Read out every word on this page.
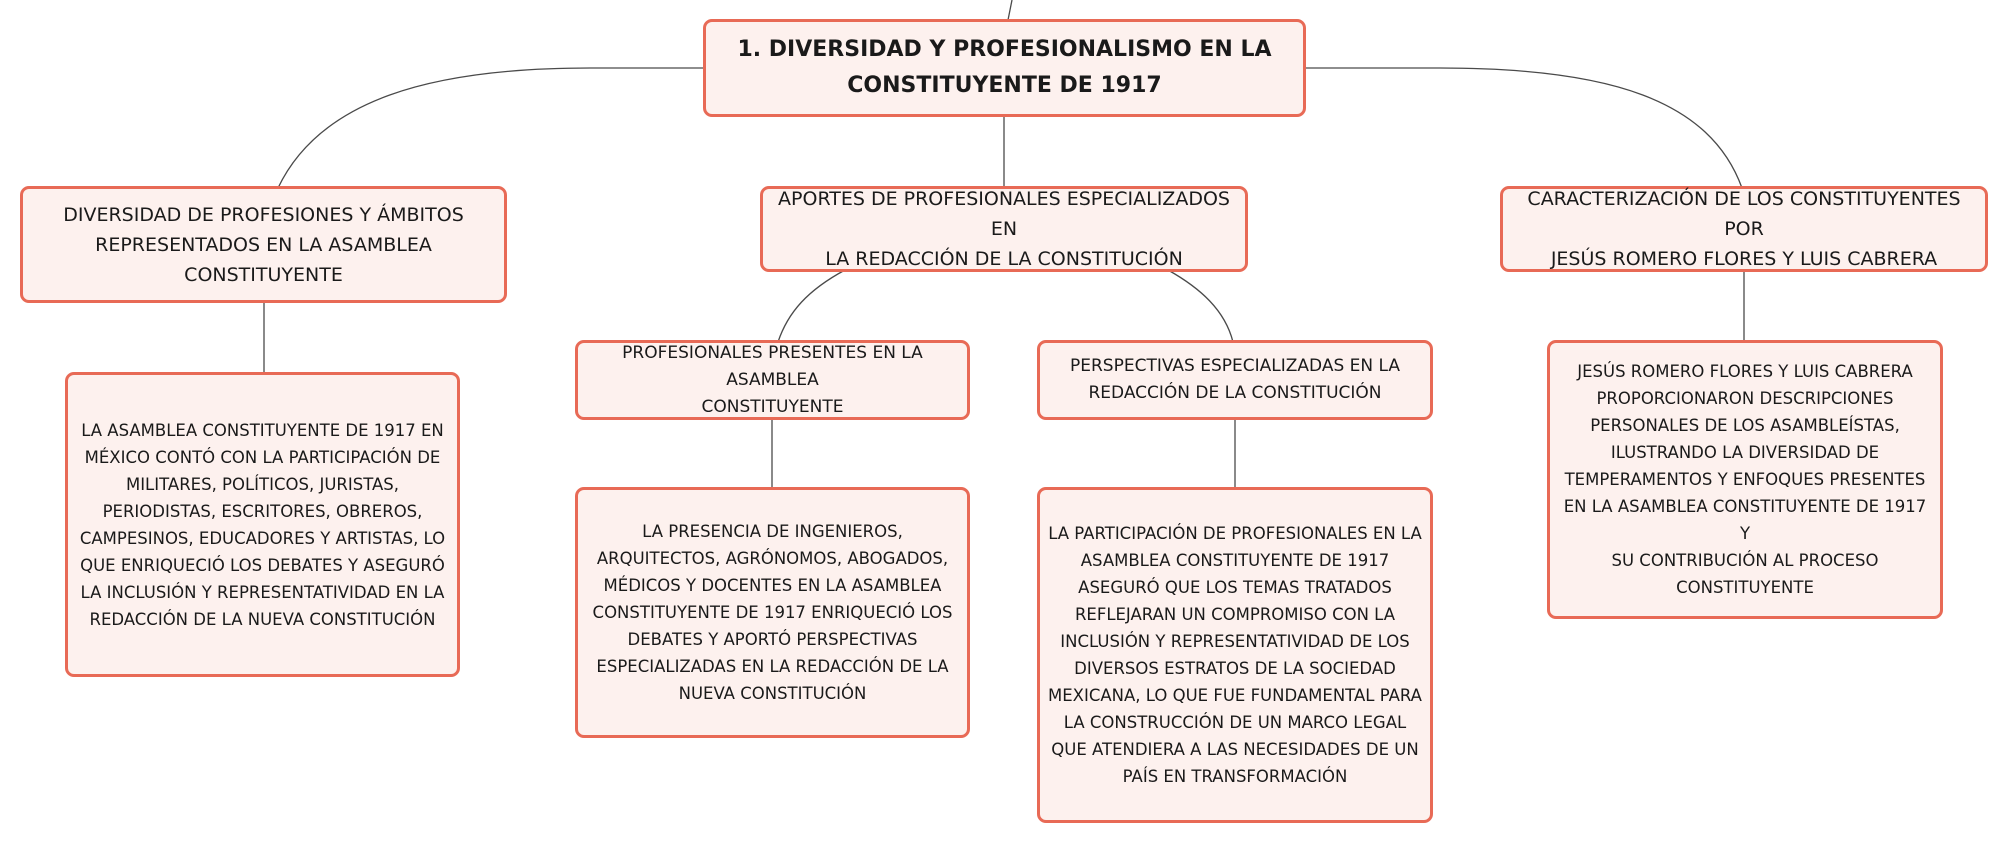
1. DIVERSIDAD Y PROFESIONALISMO EN LA
CONSTITUYENTE DE 1917
DIVERSIDAD DE PROFESIONES Y ÁMBITOS
REPRESENTADOS EN LA ASAMBLEA
CONSTITUYENTE
LA ASAMBLEA CONSTITUYENTE DE 1917 EN
MÉXICO CONTÓ CON LA PARTICIPACIÓN DE
MILITARES, POLÍTICOS, JURISTAS,
PERIODISTAS, ESCRITORES, OBREROS,
CAMPESINOS, EDUCADORES Y ARTISTAS, LO
QUE ENRIQUECIÓ LOS DEBATES Y ASEGURÓ
LA INCLUSIÓN Y REPRESENTATIVIDAD EN LA
REDACCIÓN DE LA NUEVA CONSTITUCIÓN
APORTES DE PROFESIONALES ESPECIALIZADOS EN
LA REDACCIÓN DE LA CONSTITUCIÓN
PROFESIONALES PRESENTES EN LA ASAMBLEA
CONSTITUYENTE
LA PRESENCIA DE INGENIEROS,
ARQUITECTOS, AGRÓNOMOS, ABOGADOS,
MÉDICOS Y DOCENTES EN LA ASAMBLEA
CONSTITUYENTE DE 1917 ENRIQUECIÓ LOS
DEBATES Y APORTÓ PERSPECTIVAS
ESPECIALIZADAS EN LA REDACCIÓN DE LA
NUEVA CONSTITUCIÓN
PERSPECTIVAS ESPECIALIZADAS EN LA
REDACCIÓN DE LA CONSTITUCIÓN
LA PARTICIPACIÓN DE PROFESIONALES EN LA
ASAMBLEA CONSTITUYENTE DE 1917
ASEGURÓ QUE LOS TEMAS TRATADOS
REFLEJARAN UN COMPROMISO CON LA
INCLUSIÓN Y REPRESENTATIVIDAD DE LOS
DIVERSOS ESTRATOS DE LA SOCIEDAD
MEXICANA, LO QUE FUE FUNDAMENTAL PARA
LA CONSTRUCCIÓN DE UN MARCO LEGAL
QUE ATENDIERA A LAS NECESIDADES DE UN
PAÍS EN TRANSFORMACIÓN
CARACTERIZACIÓN DE LOS CONSTITUYENTES POR
JESÚS ROMERO FLORES Y LUIS CABRERA
JESÚS ROMERO FLORES Y LUIS CABRERA
PROPORCIONARON DESCRIPCIONES
PERSONALES DE LOS ASAMBLEÍSTAS,
ILUSTRANDO LA DIVERSIDAD DE
TEMPERAMENTOS Y ENFOQUES PRESENTES
EN LA ASAMBLEA CONSTITUYENTE DE 1917 Y
SU CONTRIBUCIÓN AL PROCESO
CONSTITUYENTE
